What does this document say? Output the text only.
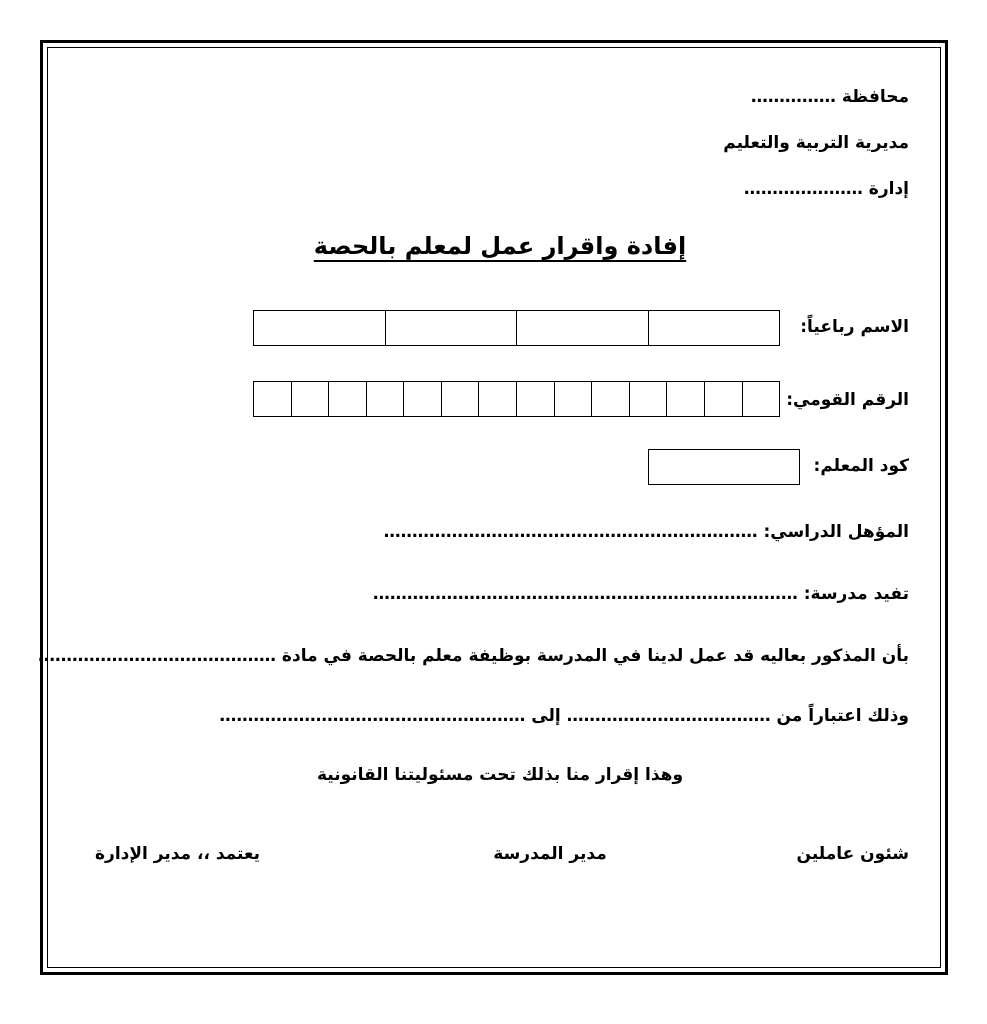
محافظة ……………
مديرية التربية والتعليم
إدارة …………………
إفادة واقرار عمل لمعلم بالحصة
الاسم رباعياً:
الرقم القومي:
كود المعلم:
المؤهل الدراسي: …………………………………………………………
تفيد مدرسة: …………………………………………………………………
بأن المذكور بعاليه قد عمل لدينا في المدرسة بوظيفة معلم بالحصة في مادة ……………………………………
وذلك اعتباراً من ……………………………… إلى ………………………………………………
وهذا إقرار منا بذلك تحت مسئوليتنا القانونية
شئون عاملين
مدير المدرسة
يعتمد ،، مدير الإدارة
